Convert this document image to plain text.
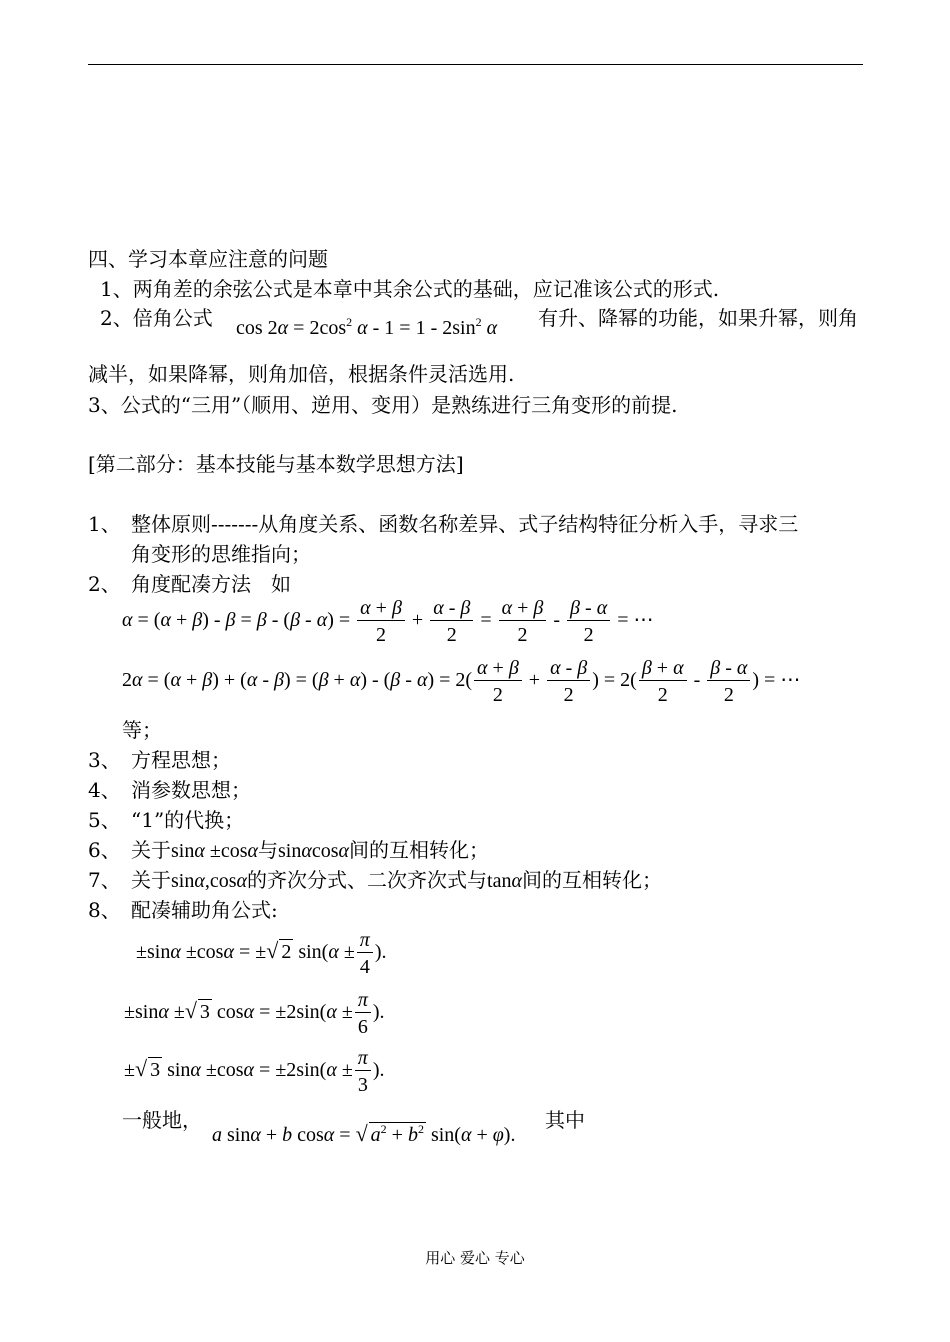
四、学习本章应注意的问题
1、两角差的余弦公式是本章中其余公式的基础，应记准该公式的形式.
2、倍角公式 $\cos 2\alpha = 2\cos^2$ $\alpha - 1 = 1 - 2\sin^2$ α 有升、降幂的功能，如果升幂，则角
减半，如果降幂，则角加倍，根据条件灵活选用.
3、公式的“三用”（顺用、逆用、变用）是熟练进行三角变形的前提.
[第二部分：基本技能与基本数学思想方法]
1、 整体原则-------从角度关系、函数名称差异、式子结构特征分析入手，寻求三
角变形的思维指向；
2、 角度配凑方法　如
$\alpha = (\alpha + \beta) - \beta = \beta - (\beta - \alpha) = \frac{\alpha + \beta}{2} + \frac{\alpha - \beta}{2} = \frac{\alpha + \beta}{2} - \frac{\beta - \alpha}{2}$ = ⋯
$2\alpha = (\alpha + \beta) + (\alpha - \beta) = (\beta + \alpha) - (\beta - \alpha) = 2( \frac{\alpha + \beta}{2} + \frac{\alpha - \beta}{2}$ ) = $2( \frac{\beta + \alpha}{2} - \frac{\beta - \alpha}{2}$ ) = ⋯
等；
3、 方程思想；
4、 消参数思想；
5、 “1”的代换；
6、 关于sinα ±cosα与sinαcosα间的互相转化；
7、 关于sinα,cosα的齐次分式、二次齐次式与tanα间的互相转化；
8、 配凑辅助角公式:
±sinα ±cosα = ±√ 2 $\sin(\alpha \pm \frac{\pi}{4}$ ).
±sinα ±√ 3 $\cos\alpha = \pm 2\sin(\alpha \pm \frac{\pi}{6}$ ).
±√ 3 $\sin\alpha \pm\cos\alpha = \pm 2\sin(\alpha \pm \frac{\pi}{3}$ ).
一般地，
a sinα + b cosα = √ $a^2 + b^2$ sin(α + φ).
其中
用心 爱心 专心
